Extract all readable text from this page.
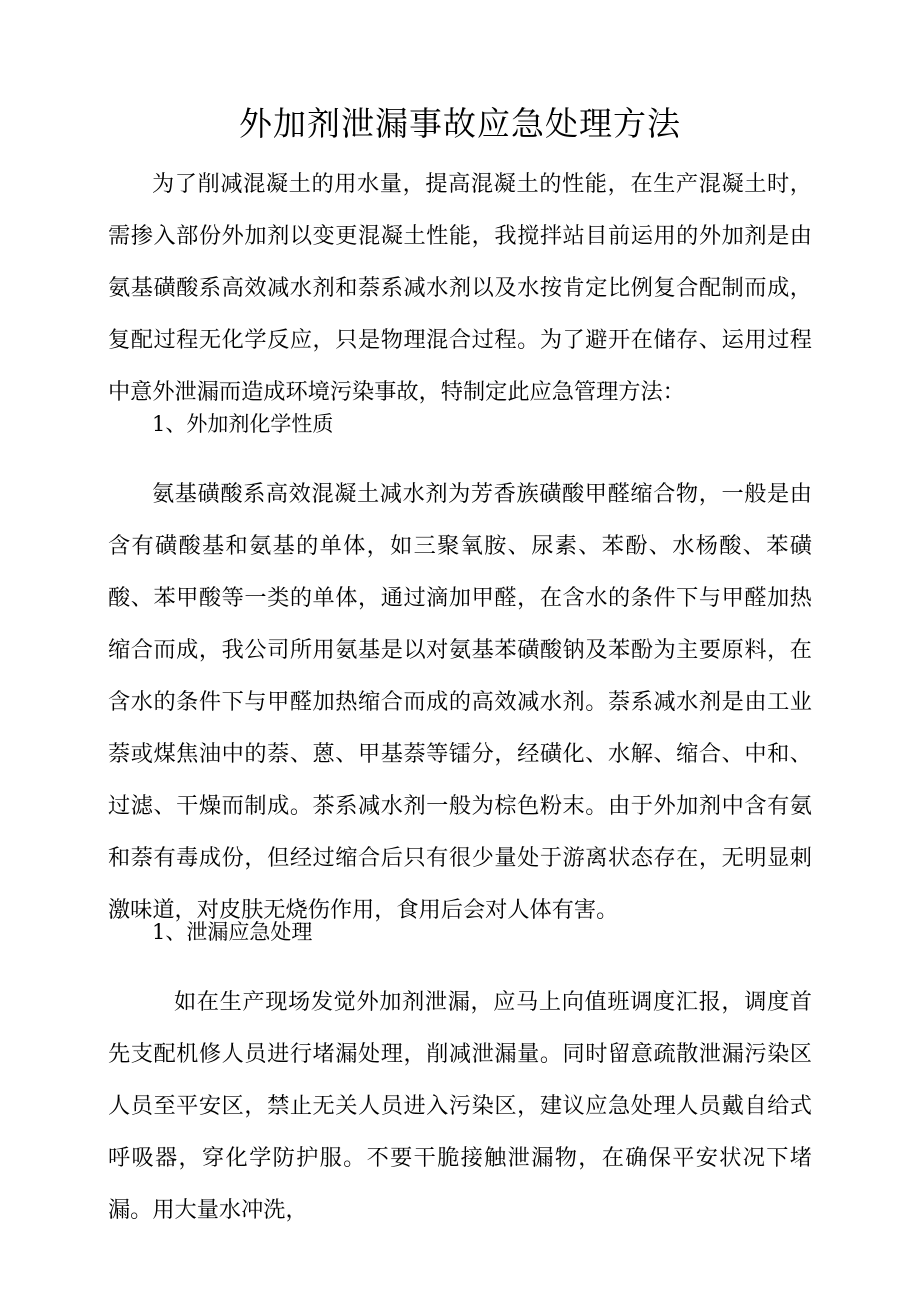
外加剂泄漏事故应急处理方法

为了削减混凝土的用水量，提高混凝土的性能，在生产混凝土时，需掺入部份外加剂以变更混凝土性能，我搅拌站目前运用的外加剂是由氨基磺酸系高效减水剂和萘系减水剂以及水按肯定比例复合配制而成，复配过程无化学反应，只是物理混合过程。为了避开在储存、运用过程中意外泄漏而造成环境污染事故，特制定此应急管理方法：

1、外加剂化学性质

氨基磺酸系高效混凝土减水剂为芳香族磺酸甲醛缩合物，一般是由含有磺酸基和氨基的单体，如三聚氧胺、尿素、苯酚、水杨酸、苯磺酸、苯甲酸等一类的单体，通过滴加甲醛，在含水的条件下与甲醛加热缩合而成，我公司所用氨基是以对氨基苯磺酸钠及苯酚为主要原料，在含水的条件下与甲醛加热缩合而成的高效减水剂。萘系减水剂是由工业萘或煤焦油中的萘、蒽、甲基萘等镭分，经磺化、水解、缩合、中和、过滤、干燥而制成。茶系减水剂一般为棕色粉末。由于外加剂中含有氨和萘有毒成份，但经过缩合后只有很少量处于游离状态存在，无明显刺激味道，对皮肤无烧伤作用，食用后会对人体有害。

1、泄漏应急处理

如在生产现场发觉外加剂泄漏，应马上向值班调度汇报，调度首先支配机修人员进行堵漏处理，削减泄漏量。同时留意疏散泄漏污染区人员至平安区，禁止无关人员进入污染区，建议应急处理人员戴自给式呼吸器，穿化学防护服。不要干脆接触泄漏物，在确保平安状况下堵漏。用大量水冲洗，
